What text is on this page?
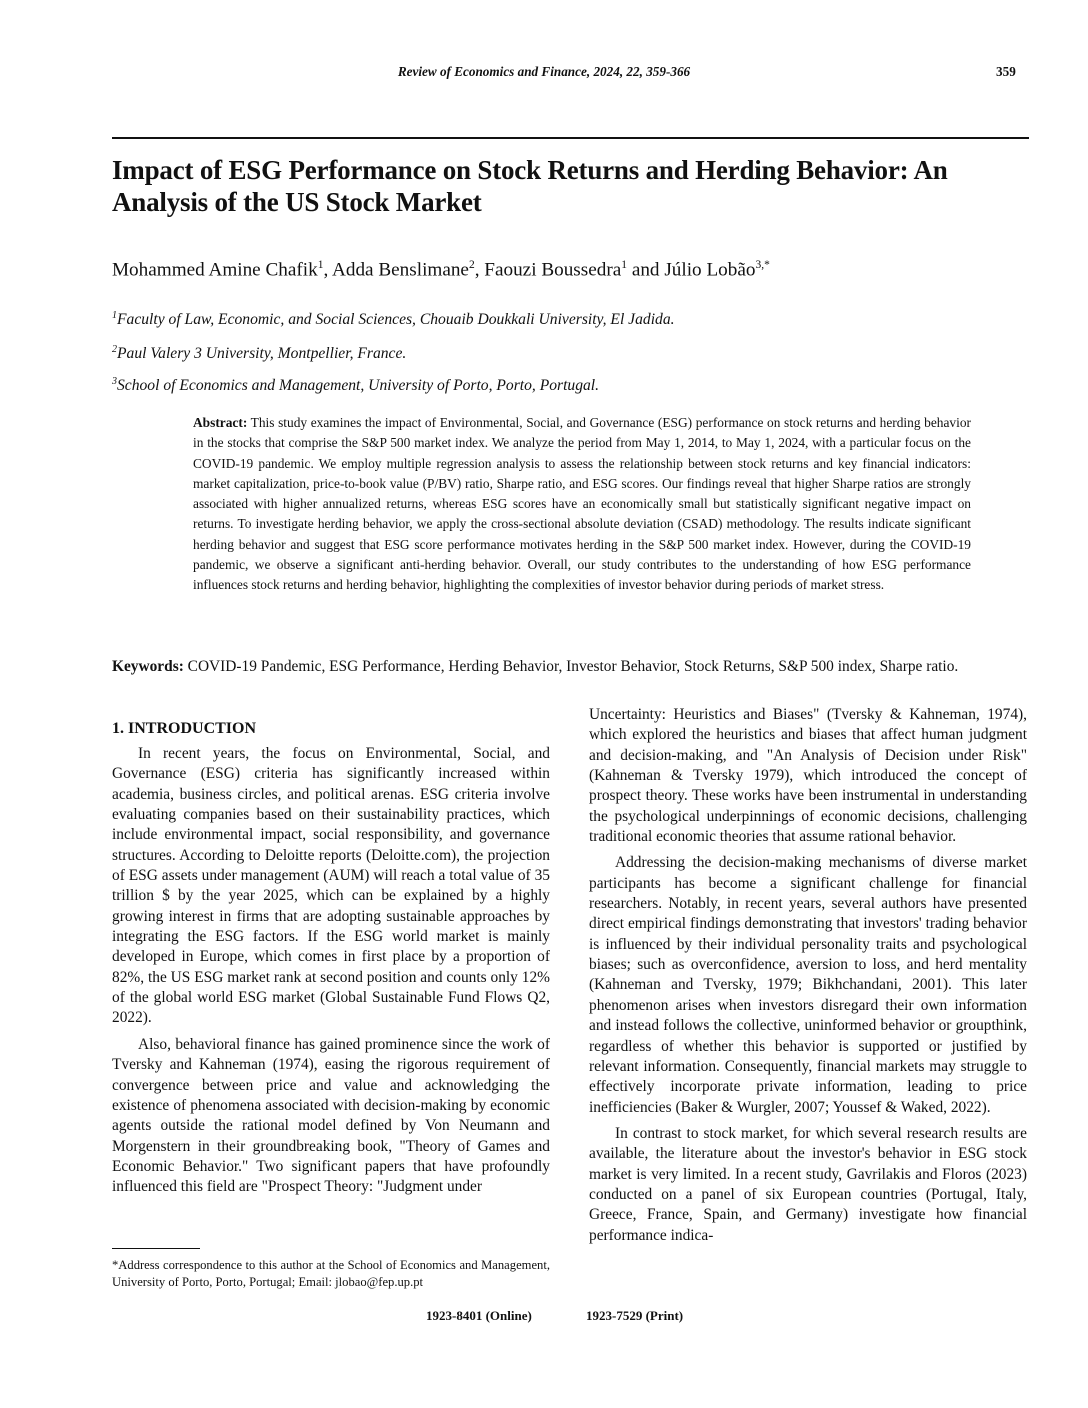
Review of Economics and Finance, 2024, 22, 359-366	359
Impact of ESG Performance on Stock Returns and Herding Behavior: An Analysis of the US Stock Market
Mohammed Amine Chafik$^1$, Adda Benslimane$^2$, Faouzi Boussedra$^1$ and Júlio Lobão$^{3,*}$
$^1$Faculty of Law, Economic, and Social Sciences, Chouaib Doukkali University, El Jadida.
$^2$Paul Valery 3 University, Montpellier, France.
$^3$School of Economics and Management, University of Porto, Porto, Portugal.

Abstract: This study examines the impact of Environmental, Social, and Governance (ESG) performance on stock returns and herding behavior in the stocks that comprise the S&P 500 market index. We analyze the period from May 1, 2014, to May 1, 2024, with a particular focus on the COVID-19 pandemic. We employ multiple regression analysis to assess the relationship between stock returns and key financial indicators: market capitalization, price-to-book value (P/BV) ratio, Sharpe ratio, and ESG scores. Our findings reveal that higher Sharpe ratios are strongly associated with higher annualized returns, whereas ESG scores have an economically small but statistically significant negative impact on returns. To investigate herding behavior, we apply the cross-sectional absolute deviation (CSAD) methodology. The results indicate significant herding behavior and suggest that ESG score performance motivates herding in the S&P 500 market index. However, during the COVID-19 pandemic, we observe a significant anti-herding behavior. Overall, our study contributes to the understanding of how ESG performance influences stock returns and herding behavior, highlighting the complexities of investor behavior during periods of market stress.

Keywords: COVID-19 Pandemic, ESG Performance, Herding Behavior, Investor Behavior, Stock Returns, S&P 500 index, Sharpe ratio.

1. INTRODUCTION

In recent years, the focus on Environmental, Social, and Governance (ESG) criteria has significantly increased within academia, business circles, and political arenas. ESG criteria involve evaluating companies based on their sustainability practices, which include environmental impact, social responsibility, and governance structures. According to Deloitte reports (Deloitte.com), the projection of ESG assets under management (AUM) will reach a total value of 35 trillion $ by the year 2025, which can be explained by a highly growing interest in firms that are adopting sustainable approaches by integrating the ESG factors. If the ESG world market is mainly developed in Europe, which comes in first place by a proportion of 82%, the US ESG market rank at second position and counts only 12% of the global world ESG market (Global Sustainable Fund Flows Q2, 2022).

Also, behavioral finance has gained prominence since the work of Tversky and Kahneman (1974), easing the rigorous requirement of convergence between price and value and acknowledging the existence of phenomena associated with decision-making by economic agents outside the rational model defined by Von Neumann and Morgenstern in their groundbreaking book, "Theory of Games and Economic Behavior." Two significant papers that have profoundly influenced this field are "Prospect Theory: "Judgment under

Uncertainty: Heuristics and Biases" (Tversky & Kahneman, 1974), which explored the heuristics and biases that affect human judgment and decision-making, and "An Analysis of Decision under Risk" (Kahneman & Tversky 1979), which introduced the concept of prospect theory. These works have been instrumental in understanding the psychological underpinnings of economic decisions, challenging traditional economic theories that assume rational behavior.

Addressing the decision-making mechanisms of diverse market participants has become a significant challenge for financial researchers. Notably, in recent years, several authors have presented direct empirical findings demonstrating that investors' trading behavior is influenced by their individual personality traits and psychological biases; such as overconfidence, aversion to loss, and herd mentality (Kahneman and Tversky, 1979; Bikhchandani, 2001). This later phenomenon arises when investors disregard their own information and instead follows the collective, uninformed behavior or groupthink, regardless of whether this behavior is supported or justified by relevant information. Consequently, financial markets may struggle to effectively incorporate private information, leading to price inefficiencies (Baker & Wurgler, 2007; Youssef & Waked, 2022).

In contrast to stock market, for which several research results are available, the literature about the investor's behavior in ESG stock market is very limited. In a recent study, Gavrilakis and Floros (2023) conducted on a panel of six European countries (Portugal, Italy, Greece, France, Spain, and Germany) investigate how financial performance indica-

*Address correspondence to this author at the School of Economics and Management, University of Porto, Porto, Portugal; Email: jlobao@fep.up.pt

1923-8401 (Online)	1923-7529 (Print)
